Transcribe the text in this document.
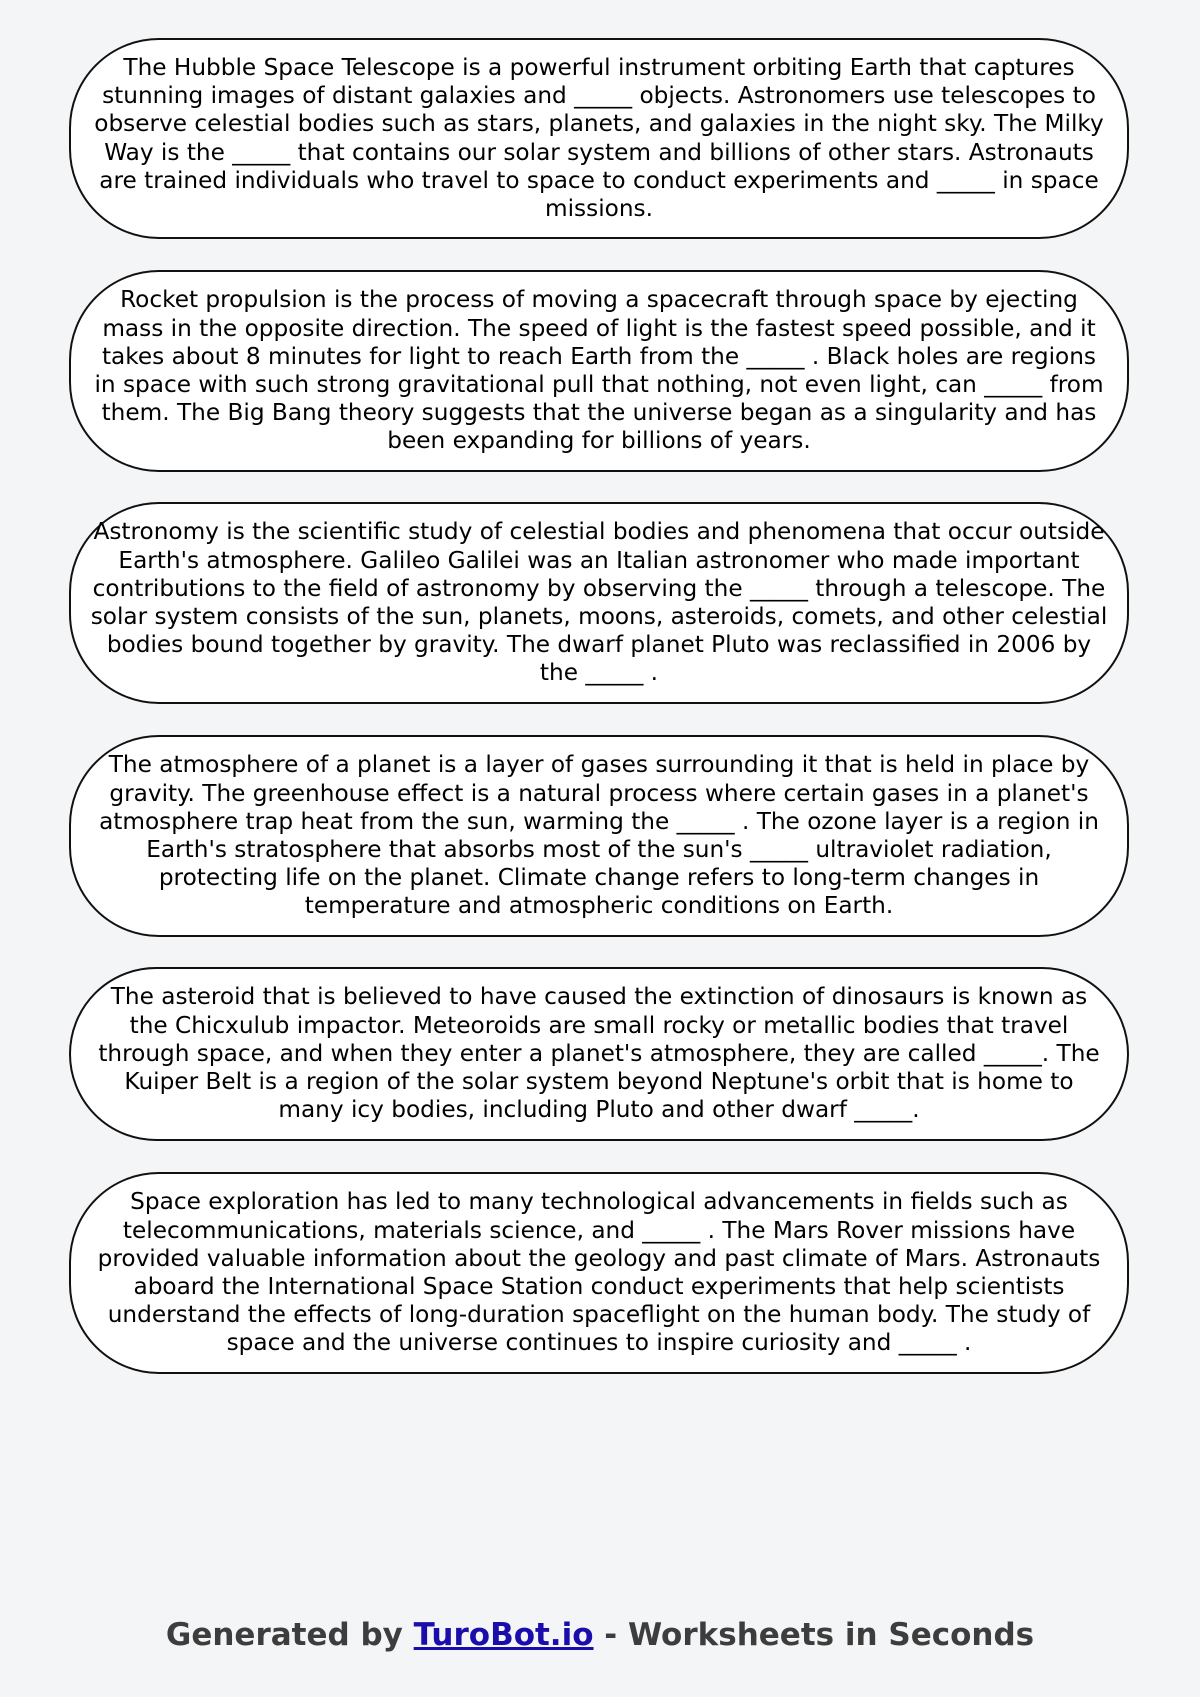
The Hubble Space Telescope is a powerful instrument orbiting Earth that captures stunning images of distant galaxies and _____ objects. Astronomers use telescopes to observe celestial bodies such as stars, planets, and galaxies in the night sky. The Milky Way is the _____ that contains our solar system and billions of other stars. Astronauts are trained individuals who travel to space to conduct experiments and _____ in space missions.

Rocket propulsion is the process of moving a spacecraft through space by ejecting mass in the opposite direction. The speed of light is the fastest speed possible, and it takes about 8 minutes for light to reach Earth from the _____ . Black holes are regions in space with such strong gravitational pull that nothing, not even light, can _____ from them. The Big Bang theory suggests that the universe began as a singularity and has been expanding for billions of years.

Astronomy is the scientific study of celestial bodies and phenomena that occur outside Earth's atmosphere. Galileo Galilei was an Italian astronomer who made important contributions to the field of astronomy by observing the _____ through a telescope. The solar system consists of the sun, planets, moons, asteroids, comets, and other celestial bodies bound together by gravity. The dwarf planet Pluto was reclassified in 2006 by the _____ .

The atmosphere of a planet is a layer of gases surrounding it that is held in place by gravity. The greenhouse effect is a natural process where certain gases in a planet's atmosphere trap heat from the sun, warming the _____ . The ozone layer is a region in Earth's stratosphere that absorbs most of the sun's _____ ultraviolet radiation, protecting life on the planet. Climate change refers to long-term changes in temperature and atmospheric conditions on Earth.

The asteroid that is believed to have caused the extinction of dinosaurs is known as the Chicxulub impactor. Meteoroids are small rocky or metallic bodies that travel through space, and when they enter a planet's atmosphere, they are called _____. The Kuiper Belt is a region of the solar system beyond Neptune's orbit that is home to many icy bodies, including Pluto and other dwarf _____.

Space exploration has led to many technological advancements in fields such as telecommunications, materials science, and _____ . The Mars Rover missions have provided valuable information about the geology and past climate of Mars. Astronauts aboard the International Space Station conduct experiments that help scientists understand the effects of long-duration spaceflight on the human body. The study of space and the universe continues to inspire curiosity and _____ .

Generated by TuroBot.io - Worksheets in Seconds
